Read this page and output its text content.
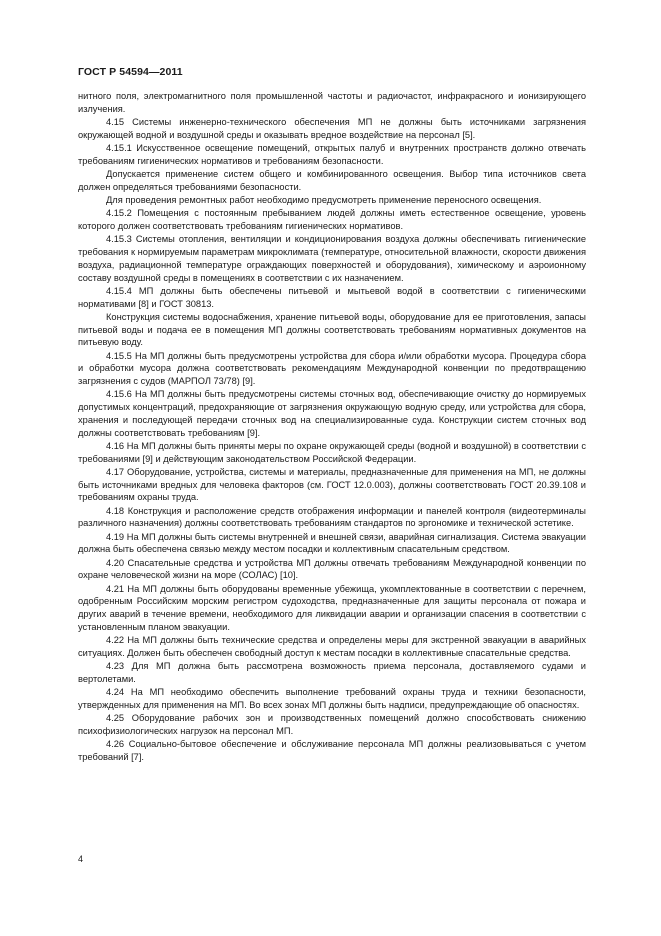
ГОСТ Р 54594—2011

нитного поля, электромагнитного поля промышленной частоты и радиочастот, инфракрасного и ионизирующего излучения.

4.15 Системы инженерно-технического обеспечения МП не должны быть источниками загрязнения окружающей водной и воздушной среды и оказывать вредное воздействие на персонал [5].

4.15.1 Искусственное освещение помещений, открытых палуб и внутренних пространств должно отвечать требованиям гигиенических нормативов и требованиям безопасности.

Допускается применение систем общего и комбинированного освещения. Выбор типа источников света должен определяться требованиями безопасности.

Для проведения ремонтных работ необходимо предусмотреть применение переносного освещения.

4.15.2 Помещения с постоянным пребыванием людей должны иметь естественное освещение, уровень которого должен соответствовать требованиям гигиенических нормативов.

4.15.3 Системы отопления, вентиляции и кондиционирования воздуха должны обеспечивать гигиенические требования к нормируемым параметрам микроклимата (температуре, относительной влажности, скорости движения воздуха, радиационной температуре ограждающих поверхностей и оборудования), химическому и аэроионному составу воздушной среды в помещениях в соответствии с их назначением.

4.15.4 МП должны быть обеспечены питьевой и мытьевой водой в соответствии с гигиеническими нормативами [8] и ГОСТ 30813.

Конструкция системы водоснабжения, хранение питьевой воды, оборудование для ее приготовления, запасы питьевой воды и подача ее в помещения МП должны соответствовать требованиям нормативных документов на питьевую воду.

4.15.5 На МП должны быть предусмотрены устройства для сбора и/или обработки мусора. Процедура сбора и обработки мусора должна соответствовать рекомендациям Международной конвенции по предотвращению загрязнения с судов (МАРПОЛ 73/78) [9].

4.15.6 На МП должны быть предусмотрены системы сточных вод, обеспечивающие очистку до нормируемых допустимых концентраций, предохраняющие от загрязнения окружающую водную среду, или устройства для сбора, хранения и последующей передачи сточных вод на специализированные суда. Конструкции систем сточных вод должны соответствовать требованиям [9].

4.16 На МП должны быть приняты меры по охране окружающей среды (водной и воздушной) в соответствии с требованиями [9] и действующим законодательством Российской Федерации.

4.17 Оборудование, устройства, системы и материалы, предназначенные для применения на МП, не должны быть источниками вредных для человека факторов (см. ГОСТ 12.0.003), должны соответствовать ГОСТ 20.39.108 и требованиям охраны труда.

4.18 Конструкция и расположение средств отображения информации и панелей контроля (видеотерминалы различного назначения) должны соответствовать требованиям стандартов по эргономике и технической эстетике.

4.19 На МП должны быть системы внутренней и внешней связи, аварийная сигнализация. Система эвакуации должна быть обеспечена связью между местом посадки и коллективным спасательным средством.

4.20 Спасательные средства и устройства МП должны отвечать требованиям Международной конвенции по охране человеческой жизни на море (СОЛАС) [10].

4.21 На МП должны быть оборудованы временные убежища, укомплектованные в соответствии с перечнем, одобренным Российским морским регистром судоходства, предназначенные для защиты персонала от пожара и других аварий в течение времени, необходимого для ликвидации аварии и организации спасения в соответствии с установленным планом эвакуации.

4.22 На МП должны быть технические средства и определены меры для экстренной эвакуации в аварийных ситуациях. Должен быть обеспечен свободный доступ к местам посадки в коллективные спасательные средства.

4.23 Для МП должна быть рассмотрена возможность приема персонала, доставляемого судами и вертолетами.

4.24 На МП необходимо обеспечить выполнение требований охраны труда и техники безопасности, утвержденных для применения на МП. Во всех зонах МП должны быть надписи, предупреждающие об опасностях.

4.25 Оборудование рабочих зон и производственных помещений должно способствовать снижению психофизиологических нагрузок на персонал МП.

4.26 Социально-бытовое обеспечение и обслуживание персонала МП должны реализовываться с учетом требований [7].

4
